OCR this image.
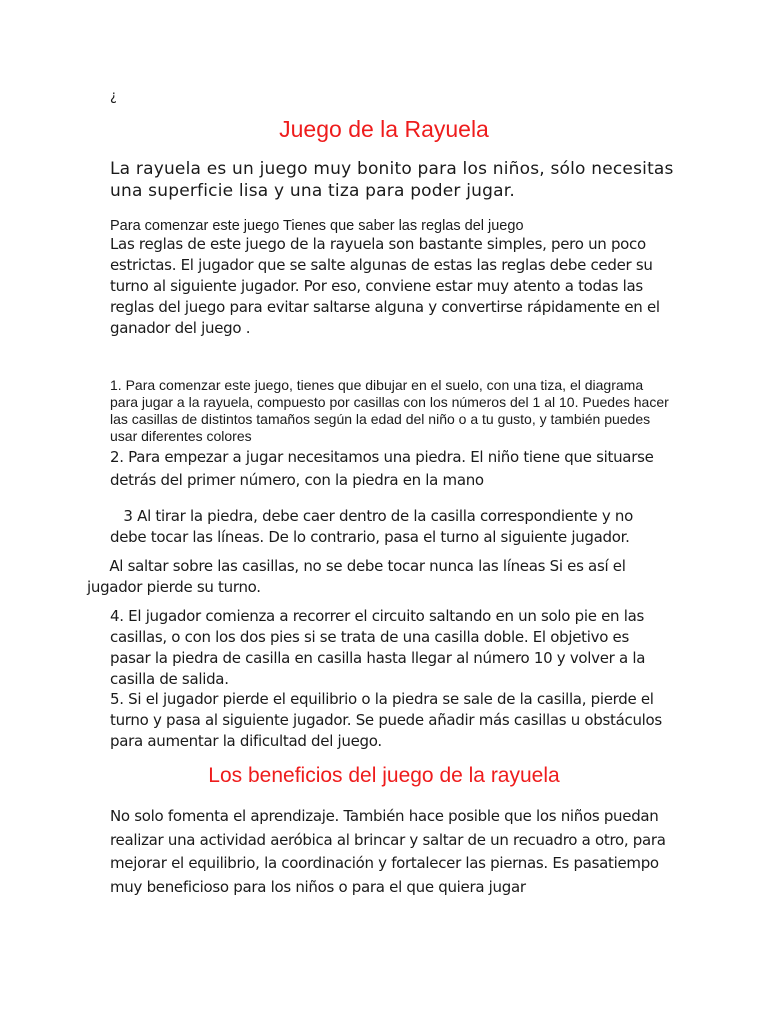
¿

Juego de la Rayuela

La rayuela es un juego muy bonito para los niños, sólo necesitas una superficie lisa y una tiza para poder jugar.

Para comenzar este juego Tienes que saber las reglas del juego

Las reglas de este juego de la rayuela son bastante simples, pero un poco estrictas. El jugador que se salte algunas de estas las reglas debe ceder su turno al siguiente jugador. Por eso, conviene estar muy atento a todas las reglas del juego para evitar saltarse alguna y convertirse rápidamente en el ganador del juego .

1. Para comenzar este juego, tienes que dibujar en el suelo, con una tiza, el diagrama para jugar a la rayuela, compuesto por casillas con los números del 1 al 10. Puedes hacer las casillas de distintos tamaños según la edad del niño o a tu gusto, y también puedes usar diferentes colores

2. Para empezar a jugar necesitamos una piedra. El niño tiene que situarse detrás del primer número, con la piedra en la mano

3 Al tirar la piedra, debe caer dentro de la casilla correspondiente y no debe tocar las líneas. De lo contrario, pasa el turno al siguiente jugador.

Al saltar sobre las casillas, no se debe tocar nunca las líneas Si es así el jugador pierde su turno.

4. El jugador comienza a recorrer el circuito saltando en un solo pie en las casillas, o con los dos pies si se trata de una casilla doble. El objetivo es pasar la piedra de casilla en casilla hasta llegar al número 10 y volver a la casilla de salida.

5. Si el jugador pierde el equilibrio o la piedra se sale de la casilla, pierde el turno y pasa al siguiente jugador. Se puede añadir más casillas u obstáculos para aumentar la dificultad del juego.

Los beneficios del juego de la rayuela

No solo fomenta el aprendizaje. También hace posible que los niños puedan realizar una actividad aeróbica al brincar y saltar de un recuadro a otro, para mejorar el equilibrio, la coordinación y fortalecer las piernas. Es pasatiempo muy beneficioso para los niños o para el que quiera jugar
